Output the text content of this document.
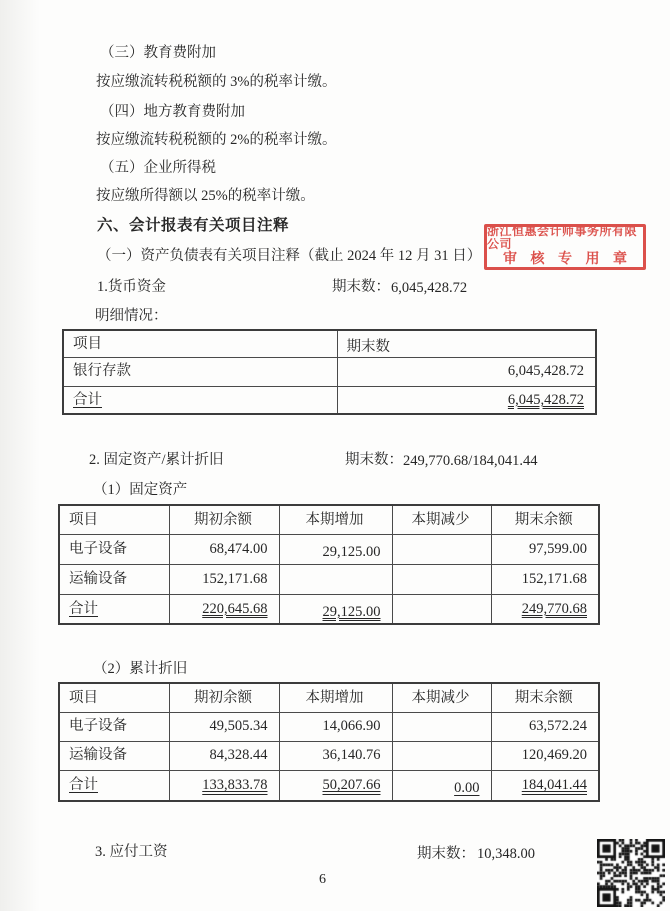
（三）教育费附加
按应缴流转税税额的 3%的税率计缴。
（四）地方教育费附加
按应缴流转税税额的 2%的税率计缴。
（五）企业所得税
按应缴所得额以 25%的税率计缴。
六、会计报表有关项目注释
（一）资产负债表有关项目注释（截止 2024 年 12 月 31 日）
浙江恒惠会计师事务所有限公司
审 核 专 用 章
1.货币资金	期末数： 6,045,428.72
明细情况：
项目	期末数
银行存款	6,045,428.72
合计	6,045,428.72
2. 固定资产/累计折旧	期末数： 249,770.68/184,041.44
（1）固定资产
项目	期初余额	本期增加	本期减少	期末余额
电子设备	68,474.00	29,125.00		97,599.00
运输设备	152,171.68			152,171.68
合计	220,645.68	29,125.00		249,770.68
（2）累计折旧
项目	期初余额	本期增加	本期减少	期末余额
电子设备	49,505.34	14,066.90		63,572.24
运输设备	84,328.44	36,140.76		120,469.20
合计	133,833.78	50,207.66	0.00	184,041.44
3. 应付工资	期末数： 10,348.00
6
